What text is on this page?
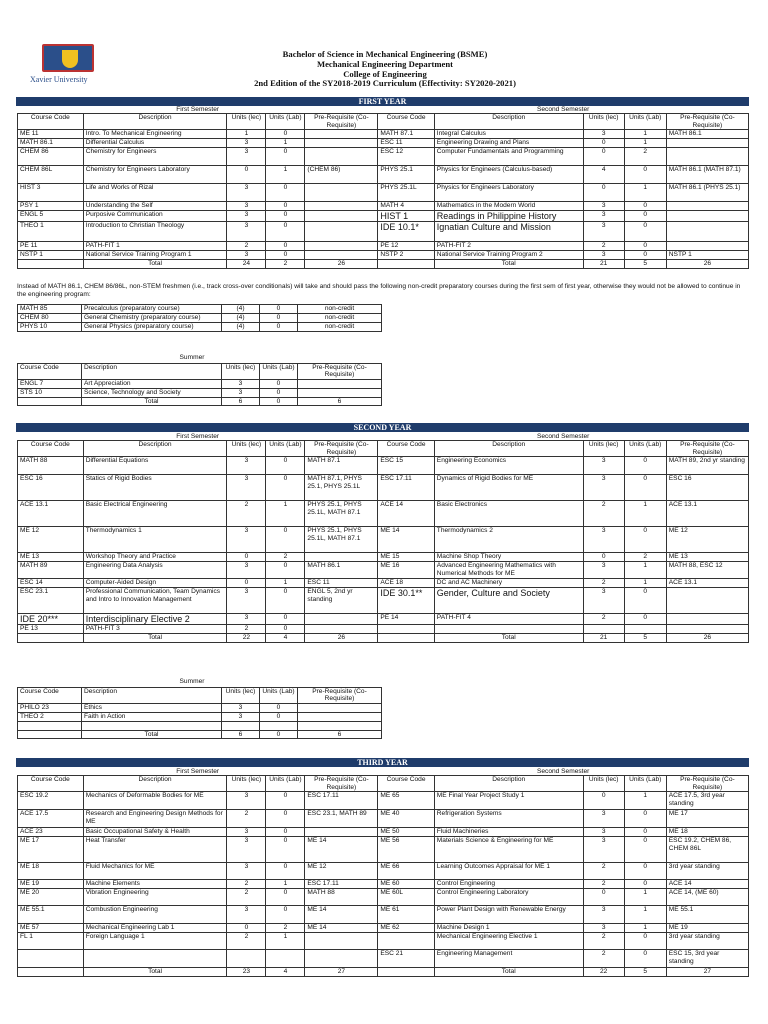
Xavier University
Bachelor of Science in Mechanical Engineering (BSME)
Mechanical Engineering Department
College of Engineering
2nd Edition of the SY2018-2019 Curriculum (Effectivity: SY2020-2021)
FIRST YEAR
First Semester					Second Semester				
Course Code	Description	Units (lec)	Units (Lab)	Pre-Requisite (Co-Requisite)	Course Code	Description	Units (lec)	Units (Lab)	Pre-Requisite (Co-Requisite)
ME 11	Intro. To Mechanical Engineering	1	0		MATH 87.1	Integral Calculus	3	1	MATH 86.1
MATH 86.1	Differential Calculus	3	1		ESC 11	Engineering Drawing and Plans	0	1	
CHEM 86	Chemistry for Engineers	3	0		ESC 12	Computer Fundamentals and Programming	0	2	
CHEM 86L	Chemistry for Engineers Laboratory	0	1	(CHEM 86)	PHYS 25.1	Physics for Engineers (Calculus-based)	4	0	MATH 86.1 (MATH 87.1)
HIST 3	Life and Works of Rizal	3	0		PHYS 25.1L	Physics for Engineers Laboratory	0	1	MATH 86.1 (PHYS 25.1)
PSY 1	Understanding the Self	3	0		MATH 4	Mathematics in the Modern World	3	0	
ENGL 5	Purposive Communication	3	0		HIST 1	Readings in Philippine History	3	0	
THEO 1	Introduction to Christian Theology	3	0		IDE 10.1*	Ignatian Culture and Mission	3	0	
PE 11	PATH-FIT 1	2	0		PE 12	PATH-FIT 2	2	0	
NSTP 1	National Service Training Program 1	3	0		NSTP 2	National Service Training Program 2	3	0	NSTP 1
	Total	24	2	26		Total	21	5	26
Instead of MATH 86.1, CHEM 86/86L, non-STEM freshmen (i.e., track cross-over conditionals) will take and should pass the following non-credit preparatory courses during the first sem of first year, otherwise they would not be allowed to continue in the engineering program:
MATH 85	Precalculus (preparatory course)	(4)	0	non-credit
CHEM 80	General Chemistry (preparatory course)	(4)	0	non-credit
PHYS 10	General Physics (preparatory course)	(4)	0	non-credit
Summer
Course Code	Description	Units (lec)	Units (Lab)	Pre-Requisite (Co-Requisite)
ENGL 7	Art Appreciation	3	0	
STS 10	Science, Technology and Society	3	0	
	Total	6	0	6
SECOND YEAR
First Semester					Second Semester				
Course Code	Description	Units (lec)	Units (Lab)	Pre-Requisite (Co-Requisite)	Course Code	Description	Units (lec)	Units (Lab)	Pre-Requisite (Co-Requisite)
MATH 88	Differential Equations	3	0	MATH 87.1	ESC 15	Engineering Economics	3	0	MATH 89, 2nd yr standing
ESC 16	Statics of Rigid Bodies	3	0	MATH 87.1, PHYS 25.1, PHYS 25.1L	ESC 17.11	Dynamics of Rigid Bodies for ME	3	0	ESC 16
ACE 13.1	Basic Electrical Engineering	2	1	PHYS 25.1, PHYS 25.1L, MATH 87.1	ACE 14	Basic Electronics	2	1	ACE 13.1
ME 12	Thermodynamics 1	3	0	PHYS 25.1, PHYS 25.1L, MATH 87.1	ME 14	Thermodynamics 2	3	0	ME 12
ME 13	Workshop Theory and Practice	0	2		ME 15	Machine Shop Theory	0	2	ME 13
MATH 89	Engineering Data Analysis	3	0	MATH 86.1	ME 16	Advanced Engineering Mathematics with Numerical Methods for ME	3	1	MATH 88, ESC 12
ESC 14	Computer-Aided Design	0	1	ESC 11	ACE 18	DC and AC Machinery	2	1	ACE 13.1
ESC 23.1	Professional Communication, Team Dynamics and Intro to Innovation Management	3	0	ENGL 5, 2nd yr standing	IDE 30.1**	Gender, Culture and Society	3	0	
IDE 20***	Interdisciplinary Elective 2	3	0		PE 14	PATH-FIT 4	2	0	
PE 13	PATH-FIT 3	2	0						
	Total	22	4	26		Total	21	5	26
Summer
Course Code	Description	Units (lec)	Units (Lab)	Pre-Requisite (Co-Requisite)
PHILO 23	Ethics	3	0	
THEO 2	Faith in Action	3	0	

	Total	6	0	6
THIRD YEAR
First Semester					Second Semester				
Course Code	Description	Units (lec)	Units (Lab)	Pre-Requisite (Co-Requisite)	Course Code	Description	Units (lec)	Units (Lab)	Pre-Requisite (Co-Requisite)
ESC 19.2	Mechanics of Deformable Bodies for ME	3	0	ESC 17.11	ME 65	ME Final Year Project Study 1	0	1	ACE 17.5, 3rd year standing
ACE 17.5	Research and Engineering Design Methods for ME	2	0	ESC 23.1, MATH 89	ME 40	Refrigeration Systems	3	0	ME 17
ACE 23	Basic Occupational Safety & Health	3	0		ME 50	Fluid Machineries	3	0	ME 18
ME 17	Heat Transfer	3	0	ME 14	ME 56	Materials Science & Engineering for ME	3	0	ESC 19.2, CHEM 86, CHEM 86L
ME 18	Fluid Mechanics for ME	3	0	ME 12	ME 66	Learning Outcomes Appraisal for ME 1	2	0	3rd year standing
ME 19	Machine Elements	2	1	ESC 17.11	ME 60	Control Engineering	2	0	ACE 14
ME 20	Vibration Engineering	2	0	MATH 88	ME 60L	Control Engineering Laboratory	0	1	ACE 14, (ME 60)
ME 55.1	Combustion Engineering	3	0	ME 14	ME 61	Power Plant Design with Renewable Energy	3	1	ME 55.1
ME 57	Mechanical Engineering Lab 1	0	2	ME 14	ME 62	Machine Design 1	3	1	ME 19
FL 1	Foreign Language 1	2	1			Mechanical Engineering Elective 1	2	0	3rd year standing
					ESC 21	Engineering Management	2	0	ESC 15, 3rd year standing
	Total	23	4	27		Total	22	5	27
